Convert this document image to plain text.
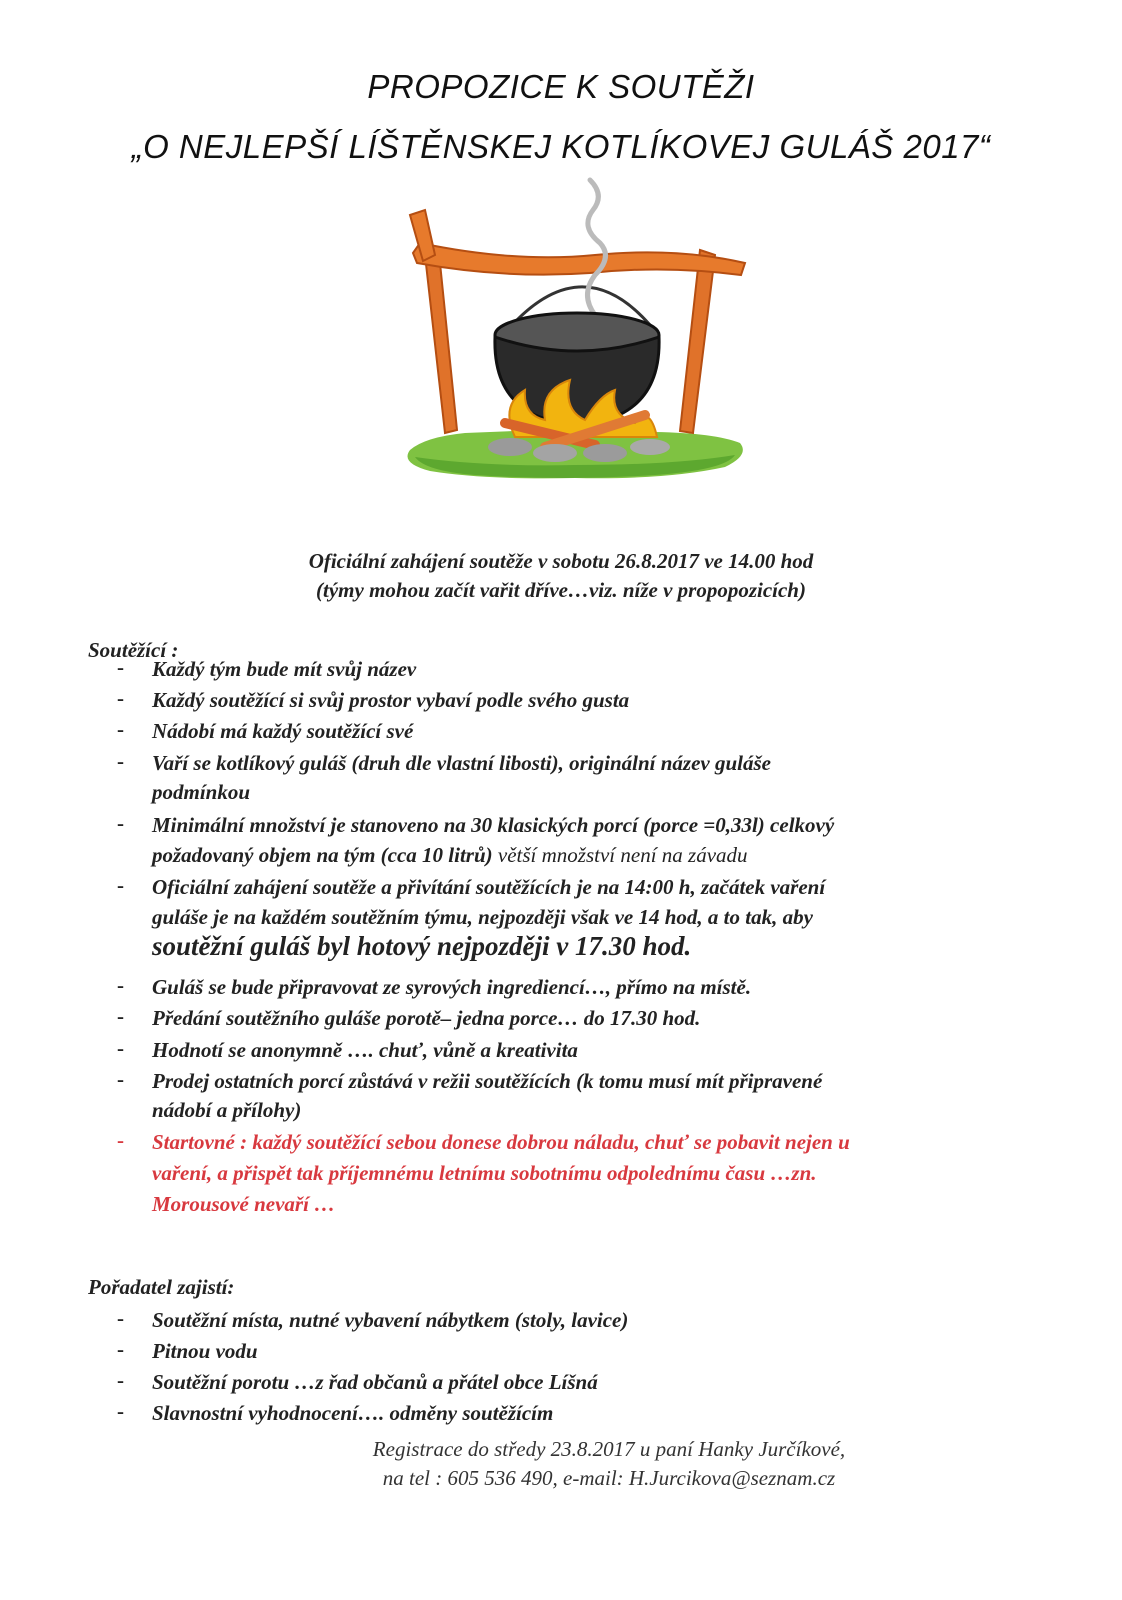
PROPOZICE K SOUTĚŽI
„O NEJLEPŠÍ LÍŠTĚNSKEJ KOTLÍKOVEJ GULÁŠ 2017“
Oficiální zahájení soutěže v sobotu 26.8.2017 ve 14.00 hod
(týmy mohou začít vařit dříve…viz. níže v propopozicích)
Soutěžící :
- Každý tým bude mít svůj název
- Každý soutěžící si svůj prostor vybaví podle svého gusta
- Nádobí má každý soutěžící své
- Vaří se kotlíkový guláš (druh dle vlastní libosti), originální název guláše
podmínkou
- Minimální množství je stanoveno na 30 klasických porcí (porce =0,33l) celkový
požadovaný objem na tým (cca 10 litrů) větší množství není na závadu
- Oficiální zahájení soutěže a přivítání soutěžících je na 14:00 h, začátek vaření
guláše je na každém soutěžním týmu, nejpozději však ve 14 hod, a to tak, aby
soutěžní guláš byl hotový nejpozději v 17.30 hod.
- Guláš se bude připravovat ze syrových ingrediencí…, přímo na místě.
- Předání soutěžního guláše porotě– jedna porce… do 17.30 hod.
- Hodnotí se anonymně …. chuť, vůně a kreativita
- Prodej ostatních porcí zůstává v režii soutěžících (k tomu musí mít připravené
nádobí a přílohy)
- Startovné : každý soutěžící sebou donese dobrou náladu, chuť se pobavit nejen u
vaření, a přispět tak příjemnému letnímu sobotnímu odpolednímu času …zn.
Morousové nevaří …
Pořadatel zajistí:
- Soutěžní místa, nutné vybavení nábytkem (stoly, lavice)
- Pitnou vodu
- Soutěžní porotu …z řad občanů a přátel obce Líšná
- Slavnostní vyhodnocení…. odměny soutěžícím
Registrace do středy 23.8.2017 u paní Hanky Jurčíkové,
na tel : 605 536 490, e-mail: H.Jurcikova@seznam.cz
